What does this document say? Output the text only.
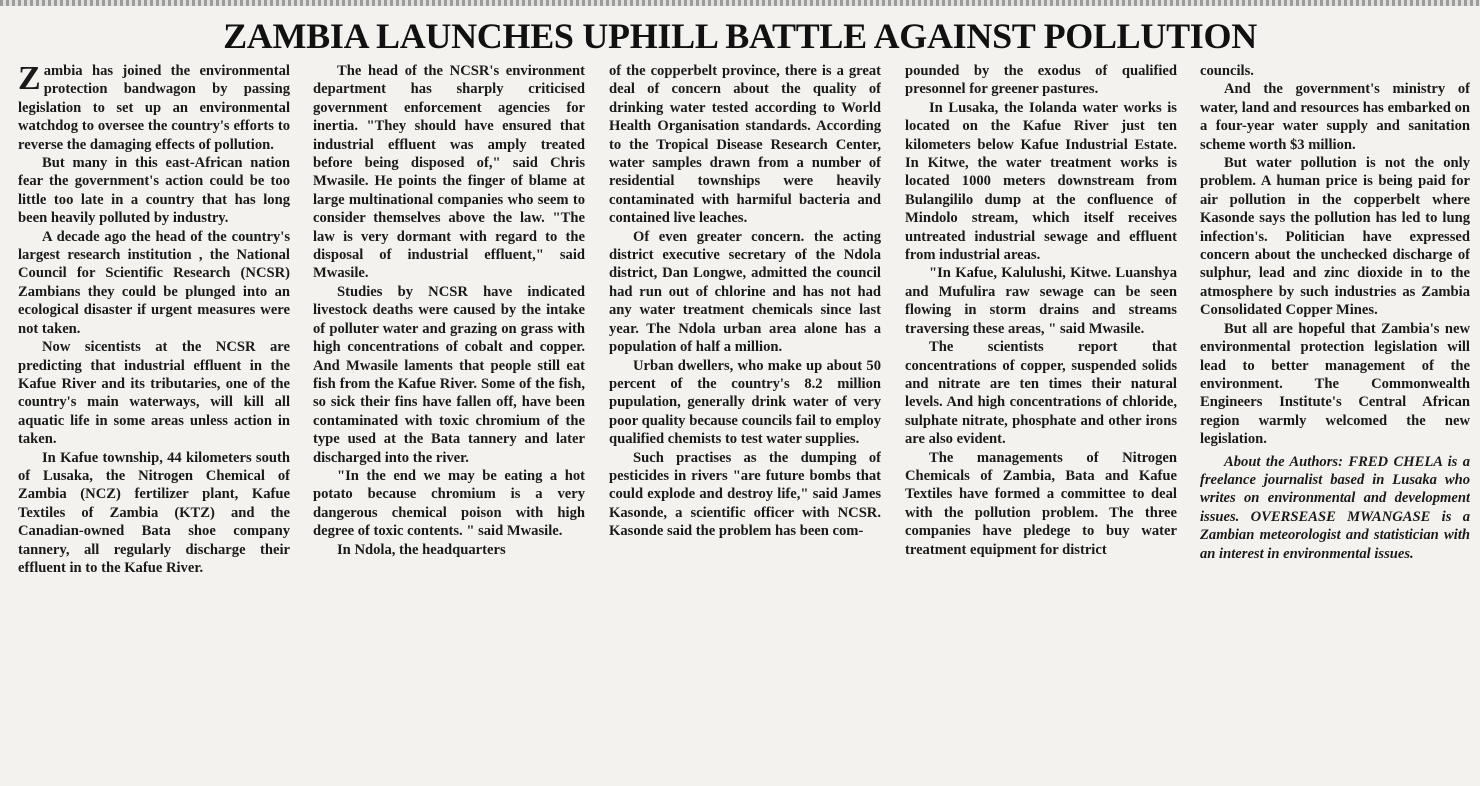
ZAMBIA LAUNCHES UPHILL BATTLE AGAINST POLLUTION

Zambia has joined the environmental protection bandwagon by passing legislation to set up an environmental watchdog to oversee the country's efforts to reverse the damaging effects of pollution.

But many in this east-African nation fear the government's action could be too little too late in a country that has long been heavily polluted by industry.

A decade ago the head of the country's largest research institution , the National Council for Scientific Research (NCSR) Zambians they could be plunged into an ecological disaster if urgent measures were not taken.

Now sicentists at the NCSR are predicting that industrial effluent in the Kafue River and its tributaries, one of the country's main waterways, will kill all aquatic life in some areas unless action in taken.

In Kafue township, 44 kilometers south of Lusaka, the Nitrogen Chemical of Zambia (NCZ) fertilizer plant, Kafue Textiles of Zambia (KTZ) and the Canadian-owned Bata shoe company tannery, all regularly discharge their effluent in to the Kafue River.

The head of the NCSR's environment department has sharply criticised government enforcement agencies for inertia. "They should have ensured that industrial effluent was amply treated before being disposed of," said Chris Mwasile. He points the finger of blame at large multinational companies who seem to consider themselves above the law. "The law is very dormant with regard to the disposal of industrial effluent," said Mwasile.

Studies by NCSR have indicated livestock deaths were caused by the intake of polluter water and grazing on grass with high concentrations of cobalt and copper. And Mwasile laments that people still eat fish from the Kafue River. Some of the fish, so sick their fins have fallen off, have been contaminated with toxic chromium of the type used at the Bata tannery and later discharged into the river.

"In the end we may be eating a hot potato because chromium is a very dangerous chemical poison with high degree of toxic contents. " said Mwasile.

In Ndola, the headquarters

of the copperbelt province, there is a great deal of concern about the quality of drinking water tested according to World Health Organisation standards. According to the Tropical Disease Research Center, water samples drawn from a number of residential townships were heavily contaminated with harmiful bacteria and contained live leaches.

Of even greater concern. the acting district executive secretary of the Ndola district, Dan Longwe, admitted the council had run out of chlorine and has not had any water treatment chemicals since last year. The Ndola urban area alone has a population of half a million.

Urban dwellers, who make up about 50 percent of the country's 8.2 million pupulation, generally drink water of very poor quality because councils fail to employ qualified chemists to test water supplies.

Such practises as the dumping of pesticides in rivers "are future bombs that could explode and destroy life," said James Kasonde, a scientific officer with NCSR. Kasonde said the problem has been com-

pounded by the exodus of qualified presonnel for greener pastures.

In Lusaka, the Iolanda water works is located on the Kafue River just ten kilometers below Kafue Industrial Estate. In Kitwe, the water treatment works is located 1000 meters downstream from Bulangililo dump at the confluence of Mindolo stream, which itself receives untreated industrial sewage and effluent from industrial areas.

"In Kafue, Kalulushi, Kitwe. Luanshya and Mufulira raw sewage can be seen flowing in storm drains and streams traversing these areas, " said Mwasile.

The scientists report that concentrations of copper, suspended solids and nitrate are ten times their natural levels. And high concentrations of chloride, sulphate nitrate, phosphate and other irons are also evident.

The managements of Nitrogen Chemicals of Zambia, Bata and Kafue Textiles have formed a committee to deal with the pollution problem. The three companies have pledege to buy water treatment equipment for district

councils.

And the government's ministry of water, land and resources has embarked on a four-year water supply and sanitation scheme worth $3 million.

But water pollution is not the only problem. A human price is being paid for air pollution in the copperbelt where Kasonde says the pollution has led to lung infection's. Politician have expressed concern about the unchecked discharge of sulphur, lead and zinc dioxide in to the atmosphere by such industries as Zambia Consolidated Copper Mines.

But all are hopeful that Zambia's new environmental protection legislation will lead to better management of the environment. The Commonwealth Engineers Institute's Central African region warmly welcomed the new legislation.

About the Authors: FRED CHELA is a freelance journalist based in Lusaka who writes on environmental and development issues. OVERSEASE MWANGASE is a Zambian meteorologist and statistician with an interest in environmental issues.
